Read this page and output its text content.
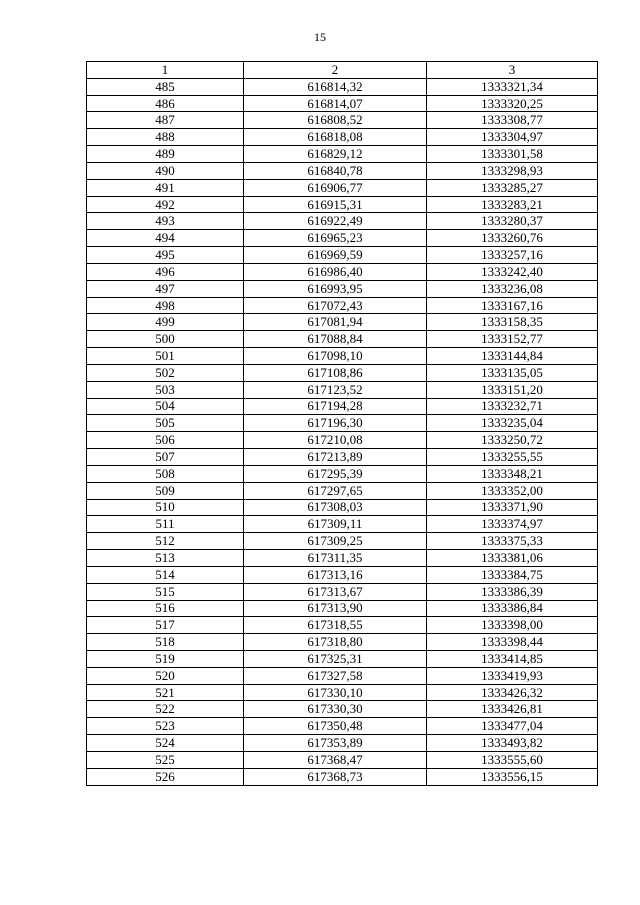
15
1	2	3
485	616814,32	1333321,34
486	616814,07	1333320,25
487	616808,52	1333308,77
488	616818,08	1333304,97
489	616829,12	1333301,58
490	616840,78	1333298,93
491	616906,77	1333285,27
492	616915,31	1333283,21
493	616922,49	1333280,37
494	616965,23	1333260,76
495	616969,59	1333257,16
496	616986,40	1333242,40
497	616993,95	1333236,08
498	617072,43	1333167,16
499	617081,94	1333158,35
500	617088,84	1333152,77
501	617098,10	1333144,84
502	617108,86	1333135,05
503	617123,52	1333151,20
504	617194,28	1333232,71
505	617196,30	1333235,04
506	617210,08	1333250,72
507	617213,89	1333255,55
508	617295,39	1333348,21
509	617297,65	1333352,00
510	617308,03	1333371,90
511	617309,11	1333374,97
512	617309,25	1333375,33
513	617311,35	1333381,06
514	617313,16	1333384,75
515	617313,67	1333386,39
516	617313,90	1333386,84
517	617318,55	1333398,00
518	617318,80	1333398,44
519	617325,31	1333414,85
520	617327,58	1333419,93
521	617330,10	1333426,32
522	617330,30	1333426,81
523	617350,48	1333477,04
524	617353,89	1333493,82
525	617368,47	1333555,60
526	617368,73	1333556,15
